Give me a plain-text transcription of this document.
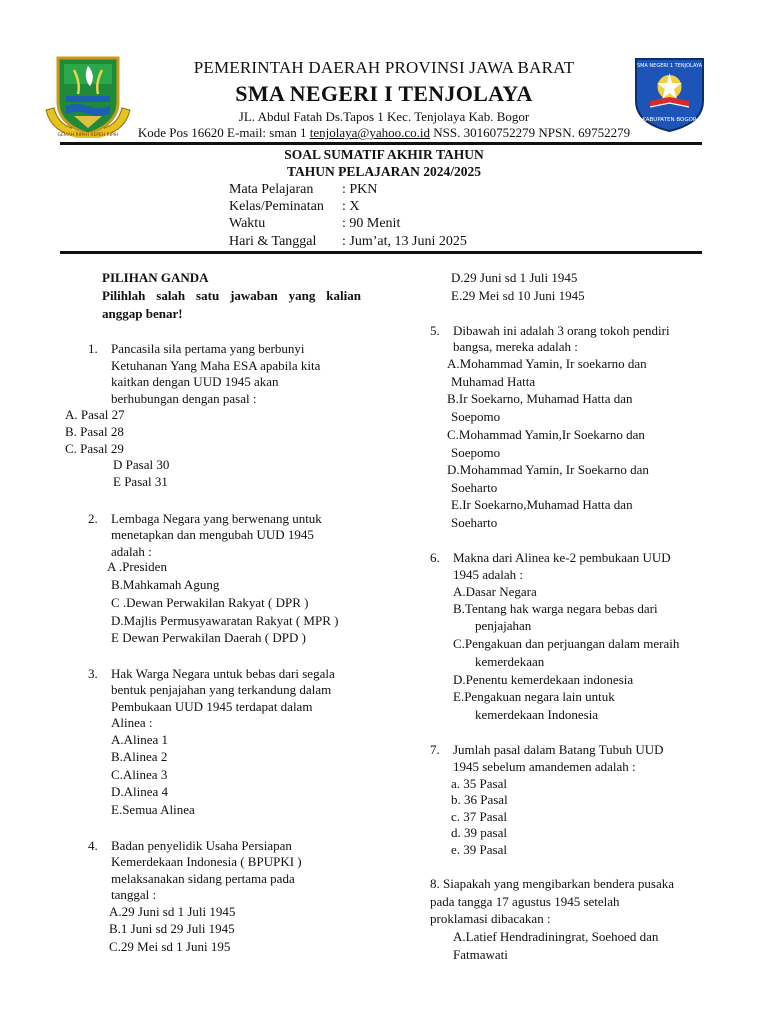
GEMAH RIPAH REPEH RIPIH
SMA NEGERI 1 TENJOLAYA
KABUPATEN BOGOR
PEMERINTAH DAERAH PROVINSI JAWA BARAT
SMA NEGERI I TENJOLAYA
JL. Abdul Fatah Ds.Tapos 1 Kec. Tenjolaya Kab. Bogor
Kode Pos 16620 E-mail: sman 1 tenjolaya@yahoo.co.id NSS. 30160752279 NPSN. 69752279
SOAL SUMATIF AKHIR TAHUN
TAHUN PELAJARAN 2024/2025
Mata Pelajaran : PKN
Kelas/Peminatan : X
Waktu	: 90 Menit
Hari & Tanggal : Jum’at, 13 Juni 2025
PILIHAN GANDA
Pilihlah salah satu jawaban yang kalian
anggap benar!
1. Pancasila sila pertama yang berbunyi
Ketuhanan Yang Maha ESA apabila kita
kaitkan dengan UUD 1945 akan
berhubungan dengan pasal :
A. Pasal 27
B. Pasal 28
C. Pasal 29
D Pasal 30
E Pasal 31
2. Lembaga Negara yang berwenang untuk
menetapkan dan mengubah UUD 1945
adalah :
A .Presiden
B.Mahkamah Agung
C .Dewan Perwakilan Rakyat ( DPR )
D.Majlis Permusyawaratan Rakyat ( MPR )
E Dewan Perwakilan Daerah ( DPD )
3. Hak Warga Negara untuk bebas dari segala
bentuk penjajahan yang terkandung dalam
Pembukaan UUD 1945 terdapat dalam
Alinea :
A.Alinea 1
B.Alinea 2
C.Alinea 3
D.Alinea 4
E.Semua Alinea
4. Badan penyelidik Usaha Persiapan
Kemerdekaan Indonesia ( BPUPKI )
melaksanakan sidang pertama pada
tanggal :
A.29 Juni sd 1 Juli 1945
B.1 Juni sd 29 Juli 1945
C.29 Mei sd 1 Juni 195
D.29 Juni sd 1 Juli 1945
E.29 Mei sd 10 Juni 1945
5. Dibawah ini adalah 3 orang tokoh pendiri
bangsa, mereka adalah :
A.Mohammad Yamin, Ir soekarno dan
Muhamad Hatta
B.Ir Soekarno, Muhamad Hatta dan
Soepomo
C.Mohammad Yamin,Ir Soekarno dan
Soepomo
D.Mohammad Yamin, Ir Soekarno dan
Soeharto
E.Ir Soekarno,Muhamad Hatta dan
Soeharto
6. Makna dari Alinea ke-2 pembukaan UUD
1945 adalah :
A.Dasar Negara
B.Tentang hak warga negara bebas dari
penjajahan
C.Pengakuan dan perjuangan dalam meraih
kemerdekaan
D.Penentu kemerdekaan indonesia
E.Pengakuan negara lain untuk
kemerdekaan Indonesia
7. Jumlah pasal dalam Batang Tubuh UUD
1945 sebelum amandemen adalah :
a. 35 Pasal
b. 36 Pasal
c. 37 Pasal
d. 39 pasal
e. 39 Pasal
8. Siapakah yang mengibarkan bendera pusaka
pada tangga 17 agustus 1945 setelah
proklamasi dibacakan :
A.Latief Hendradiningrat, Soehoed dan
Fatmawati
